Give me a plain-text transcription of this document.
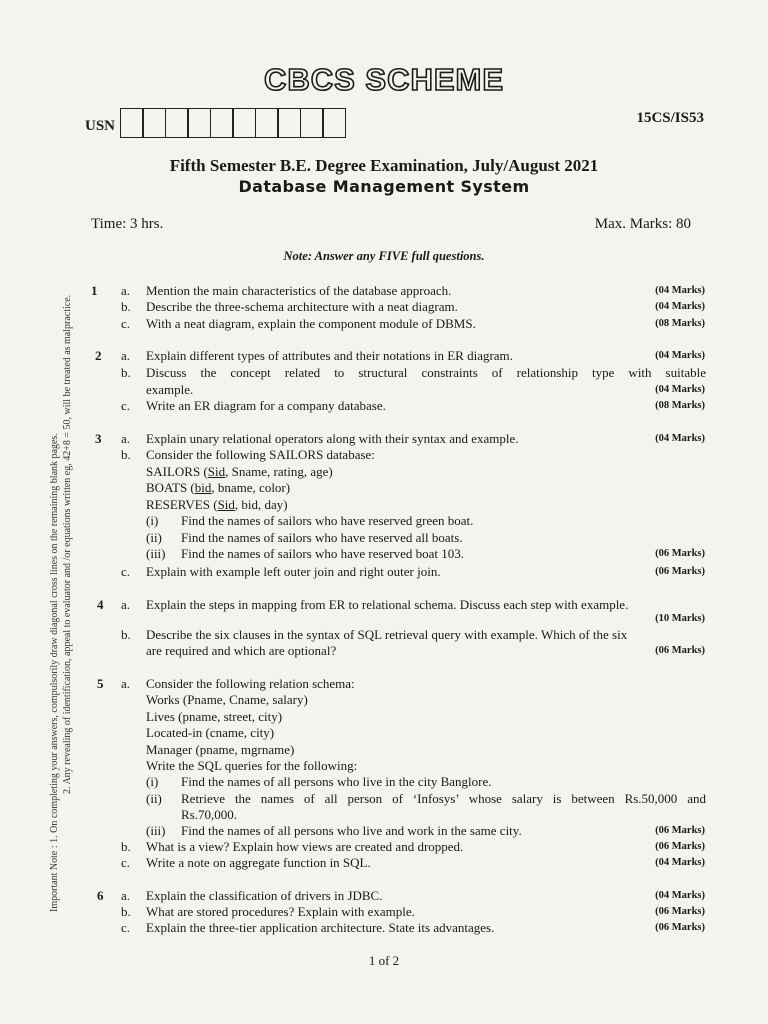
CBCS SCHEME
USN	15CS/IS53
Fifth Semester B.E. Degree Examination, July/August 2021
Database Management System
Time: 3 hrs.	Max. Marks: 80
Note: Answer any FIVE full questions.
Important Note : 1. On completing your answers, compulsorily draw diagonal cross lines on the remaining blank pages. 2. Any revealing of identification, appeal to evaluator and /or equations written eg, 42+8 = 50, will be treated as malpractice.
1 a. Mention the main characteristics of the database approach.	(04 Marks)
b. Describe the three-schema architecture with a neat diagram.	(04 Marks)
c. With a neat diagram, explain the component module of DBMS.	(08 Marks)
2 a. Explain different types of attributes and their notations in ER diagram.	(04 Marks)
b. Discuss the concept related to structural constraints of relationship type with suitable
example.	(04 Marks)
c. Write an ER diagram for a company database.	(08 Marks)
3 a. Explain unary relational operators along with their syntax and example.	(04 Marks)
b. Consider the following SAILORS database:
SAILORS (Sid, Sname, rating, age)
BOATS (bid, bname, color)
RESERVES (Sid, bid, day)
(i) Find the names of sailors who have reserved green boat.
(ii) Find the names of sailors who have reserved all boats.
(iii) Find the names of sailors who have reserved boat 103.	(06 Marks)
c. Explain with example left outer join and right outer join.	(06 Marks)
4 a. Explain the steps in mapping from ER to relational schema. Discuss each step with example.
(10 Marks)
b. Describe the six clauses in the syntax of SQL retrieval query with example. Which of the six
are required and which are optional?	(06 Marks)
5 a. Consider the following relation schema:
Works (Pname, Cname, salary)
Lives (pname, street, city)
Located-in (cname, city)
Manager (pname, mgrname)
Write the SQL queries for the following:
(i) Find the names of all persons who live in the city Banglore.
(ii) Retrieve the names of all person of ‘Infosys’ whose salary is between Rs.50,000 and
Rs.70,000.
(iii) Find the names of all persons who live and work in the same city.	(06 Marks)
b. What is a view? Explain how views are created and dropped.	(06 Marks)
c. Write a note on aggregate function in SQL.	(04 Marks)
6 a. Explain the classification of drivers in JDBC.	(04 Marks)
b. What are stored procedures? Explain with example.	(06 Marks)
c. Explain the three-tier application architecture. State its advantages.	(06 Marks)
1 of 2
